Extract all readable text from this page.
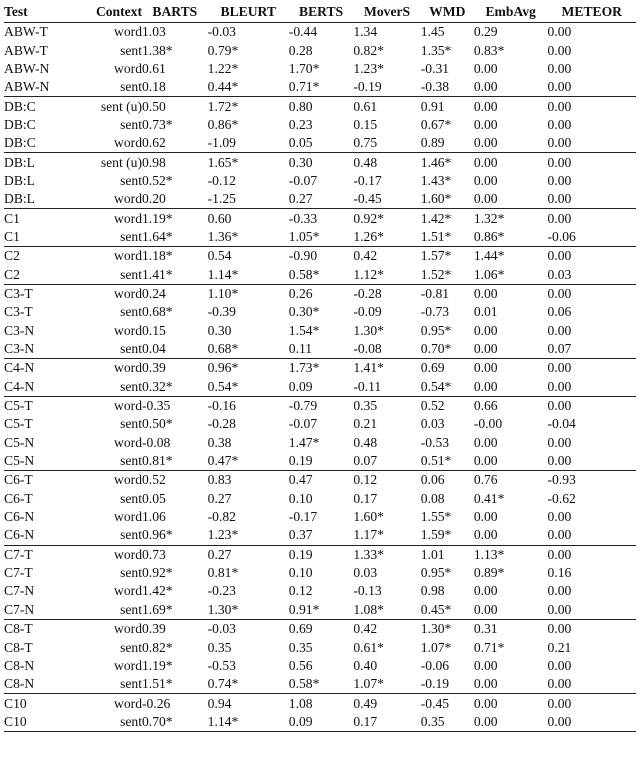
Test	Context	BARTS	BLEURT	BERTS	MoverS	WMD	EmbAvg	METEOR
ABW-T	word	1.03	-0.03	-0.44	1.34	1.45	0.29	0.00
ABW-T	sent	1.38*	0.79*	0.28	0.82*	1.35*	0.83*	0.00
ABW-N	word	0.61	1.22*	1.70*	1.23*	-0.31	0.00	0.00
ABW-N	sent	0.18	0.44*	0.71*	-0.19	-0.38	0.00	0.00
DB:C	sent (u)	0.50	1.72*	0.80	0.61	0.91	0.00	0.00
DB:C	sent	0.73*	0.86*	0.23	0.15	0.67*	0.00	0.00
DB:C	word	0.62	-1.09	0.05	0.75	0.89	0.00	0.00
DB:L	sent (u)	0.98	1.65*	0.30	0.48	1.46*	0.00	0.00
DB:L	sent	0.52*	-0.12	-0.07	-0.17	1.43*	0.00	0.00
DB:L	word	0.20	-1.25	0.27	-0.45	1.60*	0.00	0.00
C1	word	1.19*	0.60	-0.33	0.92*	1.42*	1.32*	0.00
C1	sent	1.64*	1.36*	1.05*	1.26*	1.51*	0.86*	-0.06
C2	word	1.18*	0.54	-0.90	0.42	1.57*	1.44*	0.00
C2	sent	1.41*	1.14*	0.58*	1.12*	1.52*	1.06*	0.03
C3-T	word	0.24	1.10*	0.26	-0.28	-0.81	0.00	0.00
C3-T	sent	0.68*	-0.39	0.30*	-0.09	-0.73	0.01	0.06
C3-N	word	0.15	0.30	1.54*	1.30*	0.95*	0.00	0.00
C3-N	sent	0.04	0.68*	0.11	-0.08	0.70*	0.00	0.07
C4-N	word	0.39	0.96*	1.73*	1.41*	0.69	0.00	0.00
C4-N	sent	0.32*	0.54*	0.09	-0.11	0.54*	0.00	0.00
C5-T	word	-0.35	-0.16	-0.79	0.35	0.52	0.66	0.00
C5-T	sent	0.50*	-0.28	-0.07	0.21	0.03	-0.00	-0.04
C5-N	word	-0.08	0.38	1.47*	0.48	-0.53	0.00	0.00
C5-N	sent	0.81*	0.47*	0.19	0.07	0.51*	0.00	0.00
C6-T	word	0.52	0.83	0.47	0.12	0.06	0.76	-0.93
C6-T	sent	0.05	0.27	0.10	0.17	0.08	0.41*	-0.62
C6-N	word	1.06	-0.82	-0.17	1.60*	1.55*	0.00	0.00
C6-N	sent	0.96*	1.23*	0.37	1.17*	1.59*	0.00	0.00
C7-T	word	0.73	0.27	0.19	1.33*	1.01	1.13*	0.00
C7-T	sent	0.92*	0.81*	0.10	0.03	0.95*	0.89*	0.16
C7-N	word	1.42*	-0.23	0.12	-0.13	0.98	0.00	0.00
C7-N	sent	1.69*	1.30*	0.91*	1.08*	0.45*	0.00	0.00
C8-T	word	0.39	-0.03	0.69	0.42	1.30*	0.31	0.00
C8-T	sent	0.82*	0.35	0.35	0.61*	1.07*	0.71*	0.21
C8-N	word	1.19*	-0.53	0.56	0.40	-0.06	0.00	0.00
C8-N	sent	1.51*	0.74*	0.58*	1.07*	-0.19	0.00	0.00
C10	word	-0.26	0.94	1.08	0.49	-0.45	0.00	0.00
C10	sent	0.70*	1.14*	0.09	0.17	0.35	0.00	0.00
